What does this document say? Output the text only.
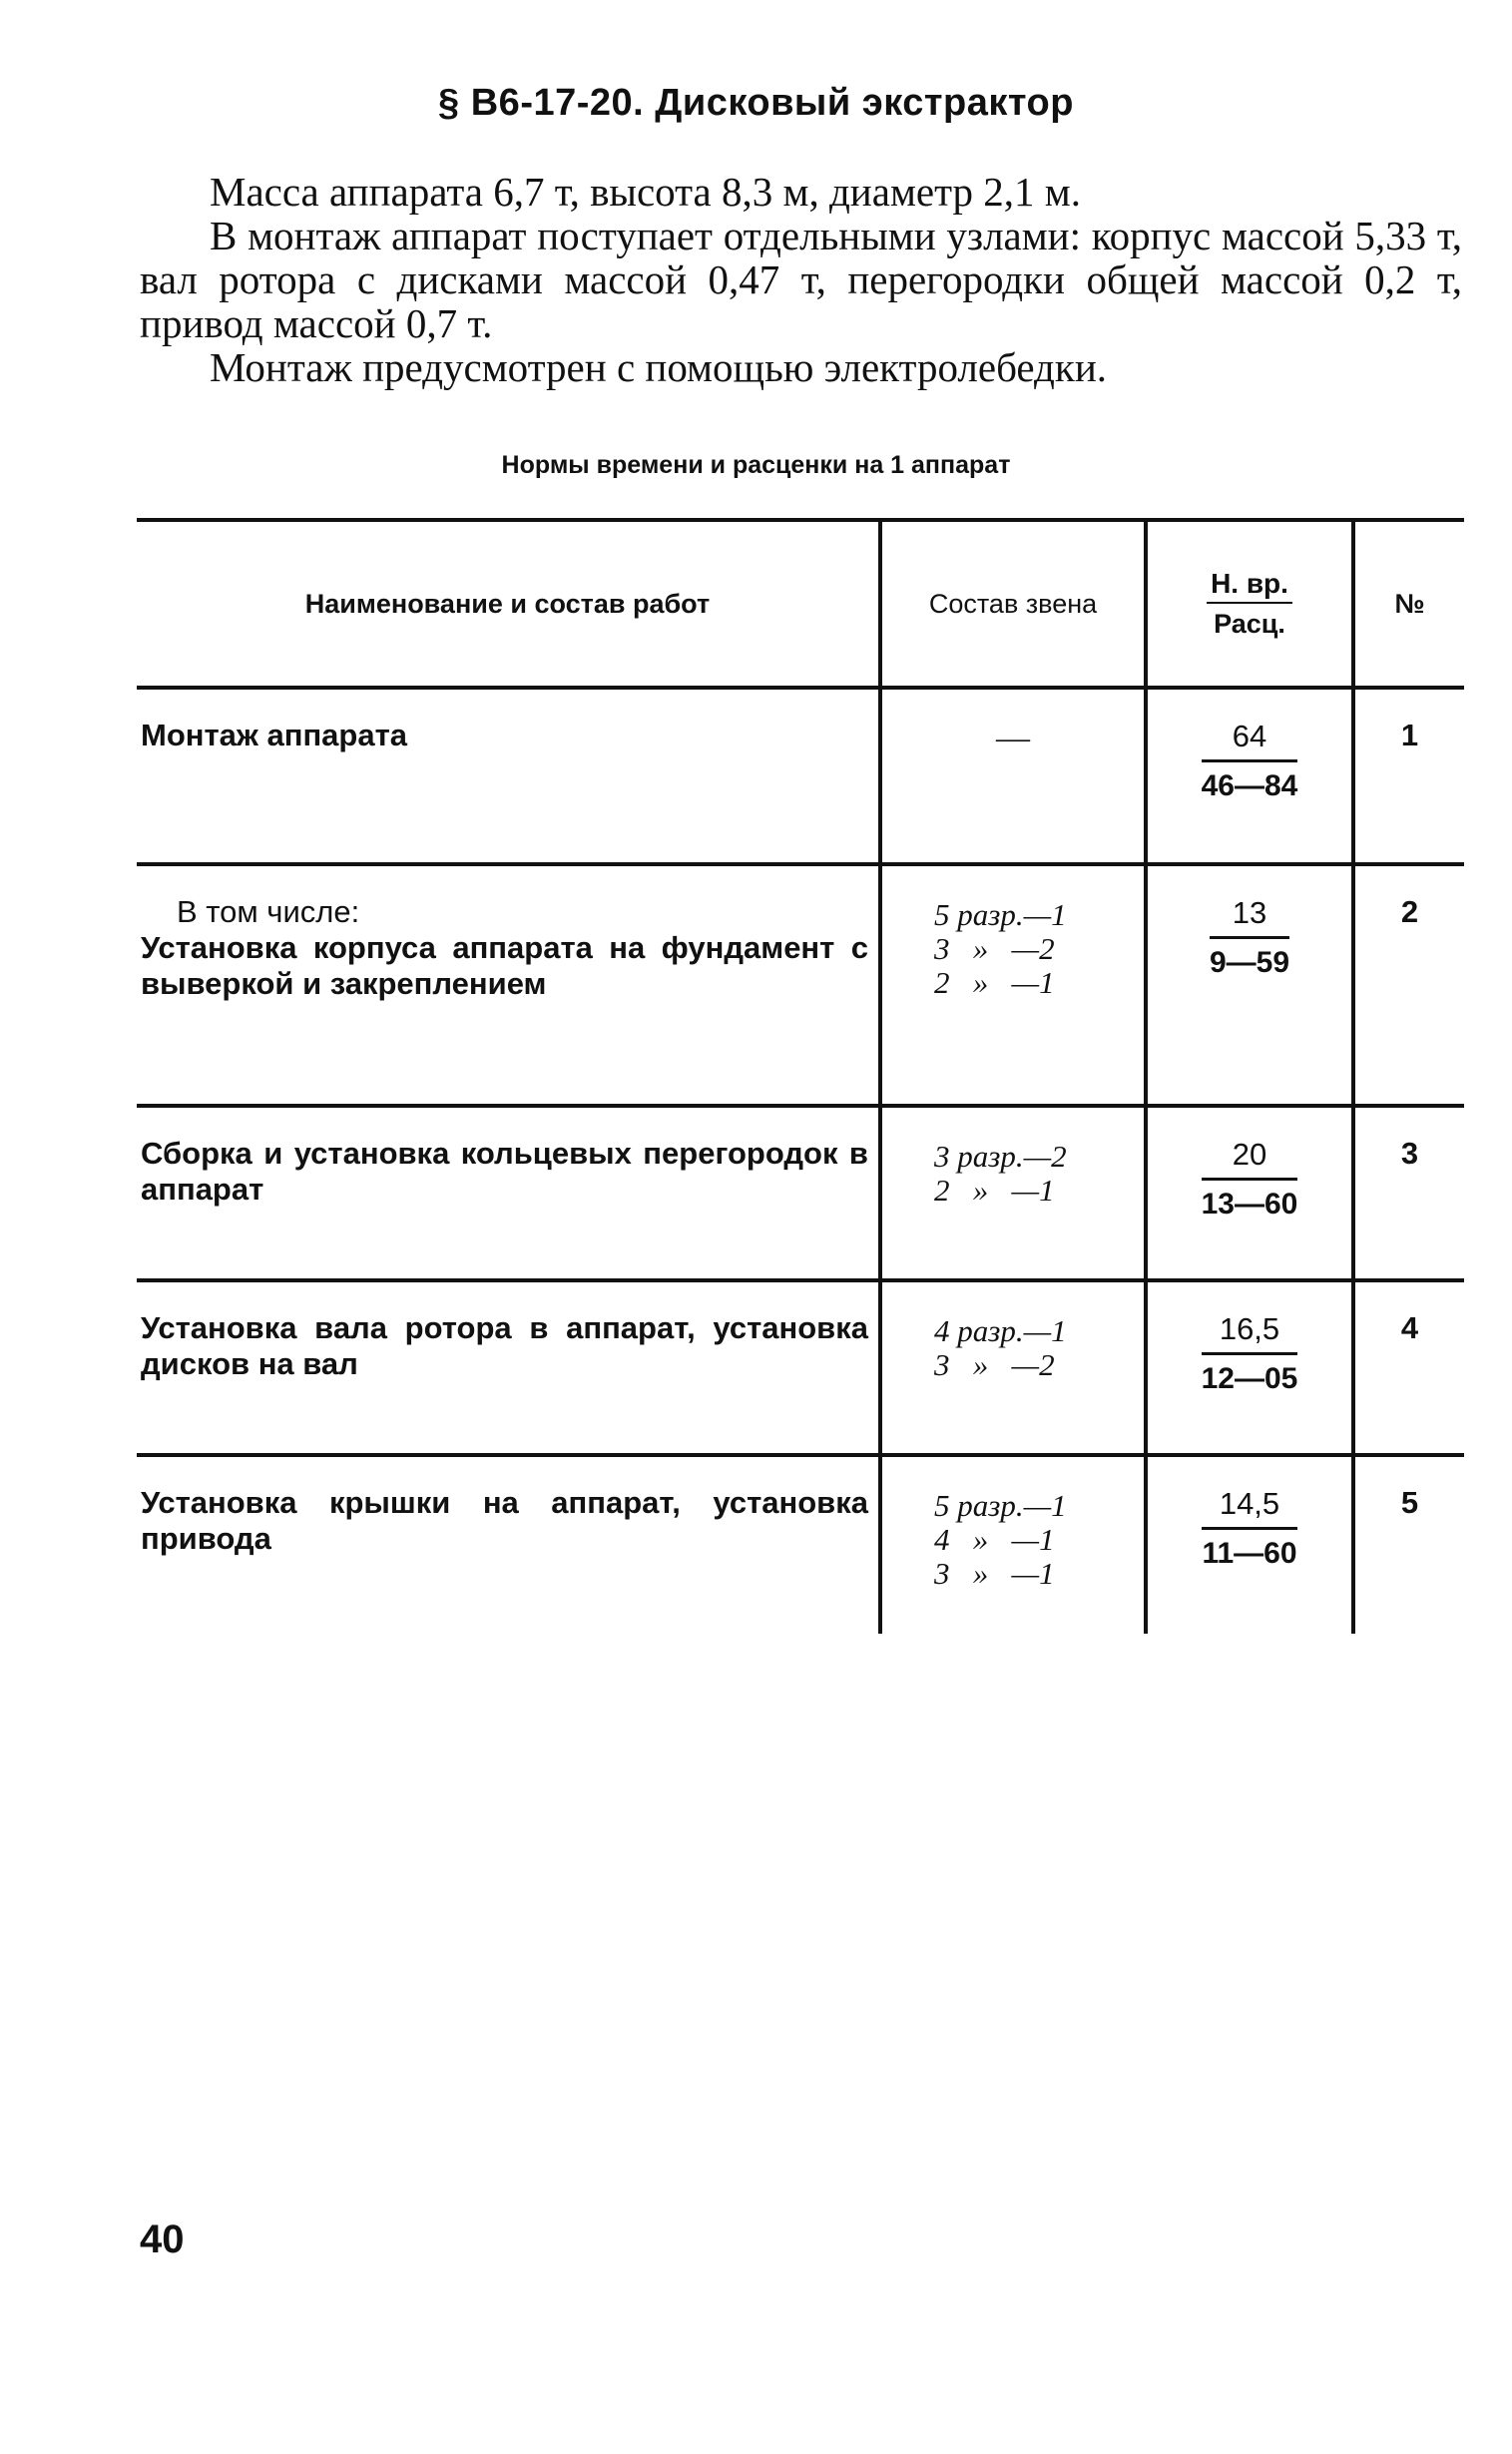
§ В6-17-20. Дисковый экстрактор

Масса аппарата 6,7 т, высота 8,3 м, диаметр 2,1 м.

В монтаж аппарат поступает отдельными узлами: корпус массой 5,33 т, вал ротора с дисками массой 0,47 т, перегородки общей массой 0,2 т, привод массой 0,7 т.

Монтаж предусмотрен с помощью электролебедки.

Нормы времени и расценки на 1 аппарат
Наименование и состав работ	Состав звена	$\frac{Н. вр.}{\text{Расц.}}$	№

Монтаж аппарата	—	$\frac{64}{46—84}$	1

В том числе:
Установка корпуса аппарата на фундамент с выверкой и закреплением	5 разр.—1
3   »   —2
2   »   —1	$\frac{13}{9—59}$	2

Сборка и установка кольцевых перегородок в аппарат	3 разр.—2
2   »   —1	$\frac{20}{13—60}$	3

Установка вала ротора в аппарат, установка дисков на вал	4 разр.—1
3   »   —2	$\frac{16,5}{12—05}$	4

Установка крышки на аппарат, установка привода	5 разр.—1
4   »   —1
3   »   —1	$\frac{14,5}{11—60}$	5
40
